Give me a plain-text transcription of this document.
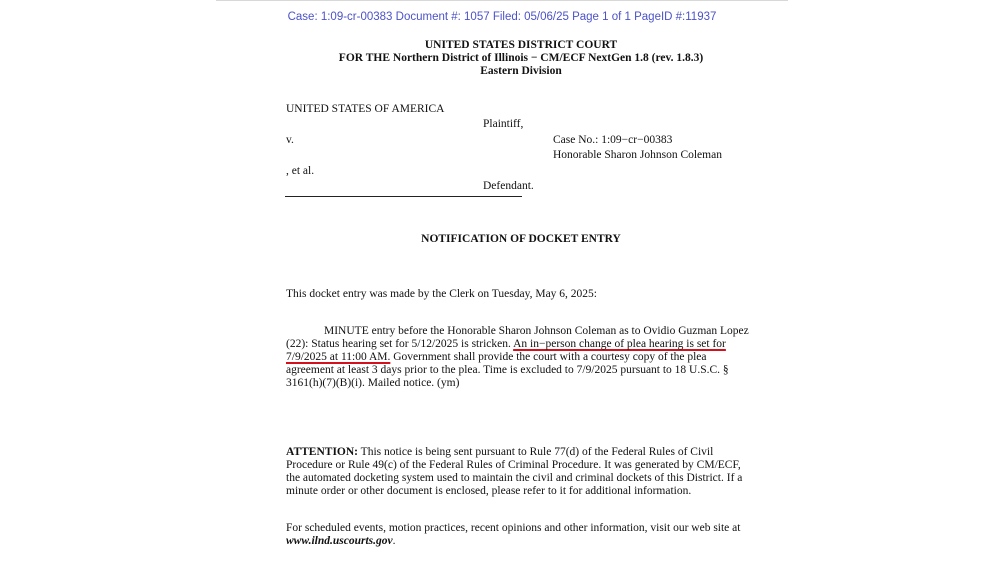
Case: 1:09-cr-00383 Document #: 1057 Filed: 05/06/25 Page 1 of 1 PageID #:11937
UNITED STATES DISTRICT COURT
FOR THE Northern District of Illinois − CM/ECF NextGen 1.8 (rev. 1.8.3)
Eastern Division
UNITED STATES OF AMERICA
Plaintiff,
v.	Case No.: 1:09−cr−00383
Honorable Sharon Johnson Coleman
, et al.
Defendant.
NOTIFICATION OF DOCKET ENTRY
This docket entry was made by the Clerk on Tuesday, May 6, 2025:
MINUTE entry before the Honorable Sharon Johnson Coleman as to Ovidio Guzman Lopez (22): Status hearing set for 5/12/2025 is stricken. An in−person change of plea hearing is set for 7/9/2025 at 11:00 AM. Government shall provide the court with a courtesy copy of the plea agreement at least 3 days prior to the plea. Time is excluded to 7/9/2025 pursuant to 18 U.S.C. § 3161(h)(7)(B)(i). Mailed notice. (ym)
ATTENTION: This notice is being sent pursuant to Rule 77(d) of the Federal Rules of Civil Procedure or Rule 49(c) of the Federal Rules of Criminal Procedure. It was generated by CM/ECF, the automated docketing system used to maintain the civil and criminal dockets of this District. If a minute order or other document is enclosed, please refer to it for additional information.
For scheduled events, motion practices, recent opinions and other information, visit our web site at www.ilnd.uscourts.gov.
